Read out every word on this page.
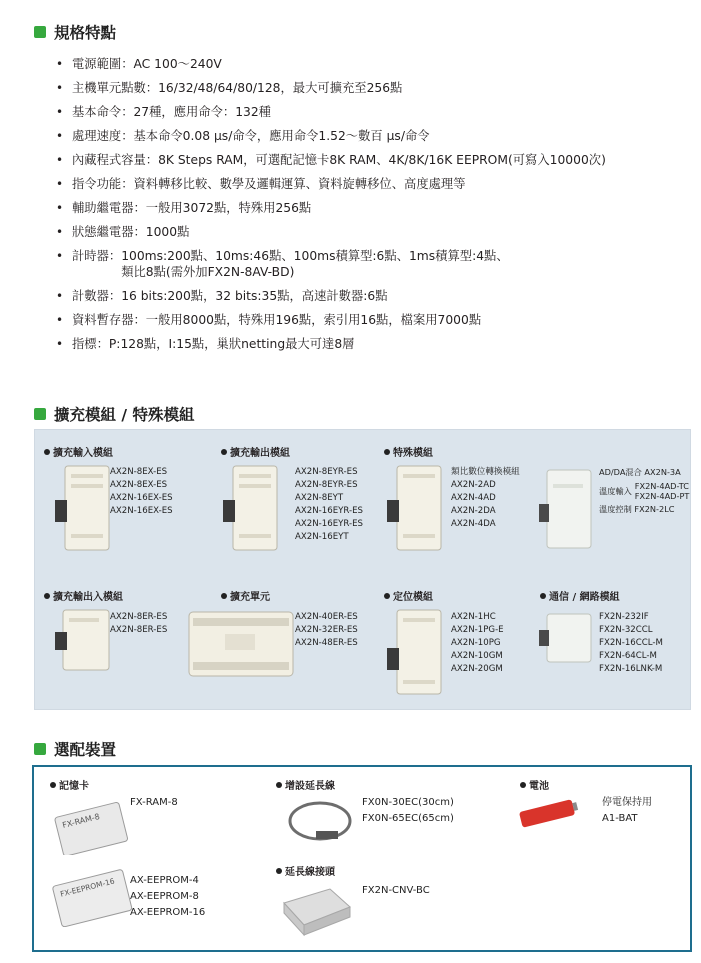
規格特點
• 電源範圍：AC 100～240V
• 主機單元點數：16/32/48/64/80/128，最大可擴充至256點
• 基本命令：27種，應用命令：132種
• 處理速度：基本命令0.08 μs/命令，應用命令1.52～數百 μs/命令
• 內藏程式容量：8K Steps RAM，可選配記憶卡8K RAM、4K/8K/16K EEPROM(可寫入10000次)
• 指令功能：資料轉移比較、數學及邏輯運算、資料旋轉移位、高度處理等
• 輔助繼電器：一般用3072點，特殊用256點
• 狀態繼電器：1000點
• 計時器：100ms:200點、10ms:46點、100ms積算型:6點、1ms積算型:4點、
　　　　類比8點(需外加FX2N-8AV-BD)
• 計數器：16 bits:200點，32 bits:35點，高速計數器:6點
• 資料暫存器：一般用8000點，特殊用196點，索引用16點，檔案用7000點
• 指標：P:128點，I:15點，巢狀netting最大可達8層
擴充模組 / 特殊模組
擴充輸入模組
AX2N-8EX-ES
AX2N-8EX-ES
AX2N-16EX-ES
AX2N-16EX-ES
擴充輸出模組
AX2N-8EYR-ES
AX2N-8EYR-ES
AX2N-8EYT
AX2N-16EYR-ES
AX2N-16EYR-ES
AX2N-16EYT
特殊模組
類比數位轉換模組
AX2N-2AD
AX2N-4AD
AX2N-2DA
AX2N-4DA
AD/DA混合 AX2N-3A
溫度輸入 FX2N-4AD-TC
FX2N-4AD-PT
溫度控制 FX2N-2LC
擴充輸出入模組
AX2N-8ER-ES
AX2N-8ER-ES
擴充單元
AX2N-40ER-ES
AX2N-32ER-ES
AX2N-48ER-ES
定位模組
AX2N-1HC
AX2N-1PG-E
AX2N-10PG
AX2N-10GM
AX2N-20GM
通信 / 網路模組
FX2N-232IF
FX2N-32CCL
FX2N-16CCL-M
FX2N-64CL-M
FX2N-16LNK-M
選配裝置
記憶卡
FX-RAM-8
FX-RAM-8
FX-EEPROM-16 AX-EEPROM-4
AX-EEPROM-8
AX-EEPROM-16
增設延長線
FX0N-30EC(30cm)
FX0N-65EC(65cm)
延長線接頭
FX2N-CNV-BC
電池
停電保持用
A1-BAT
